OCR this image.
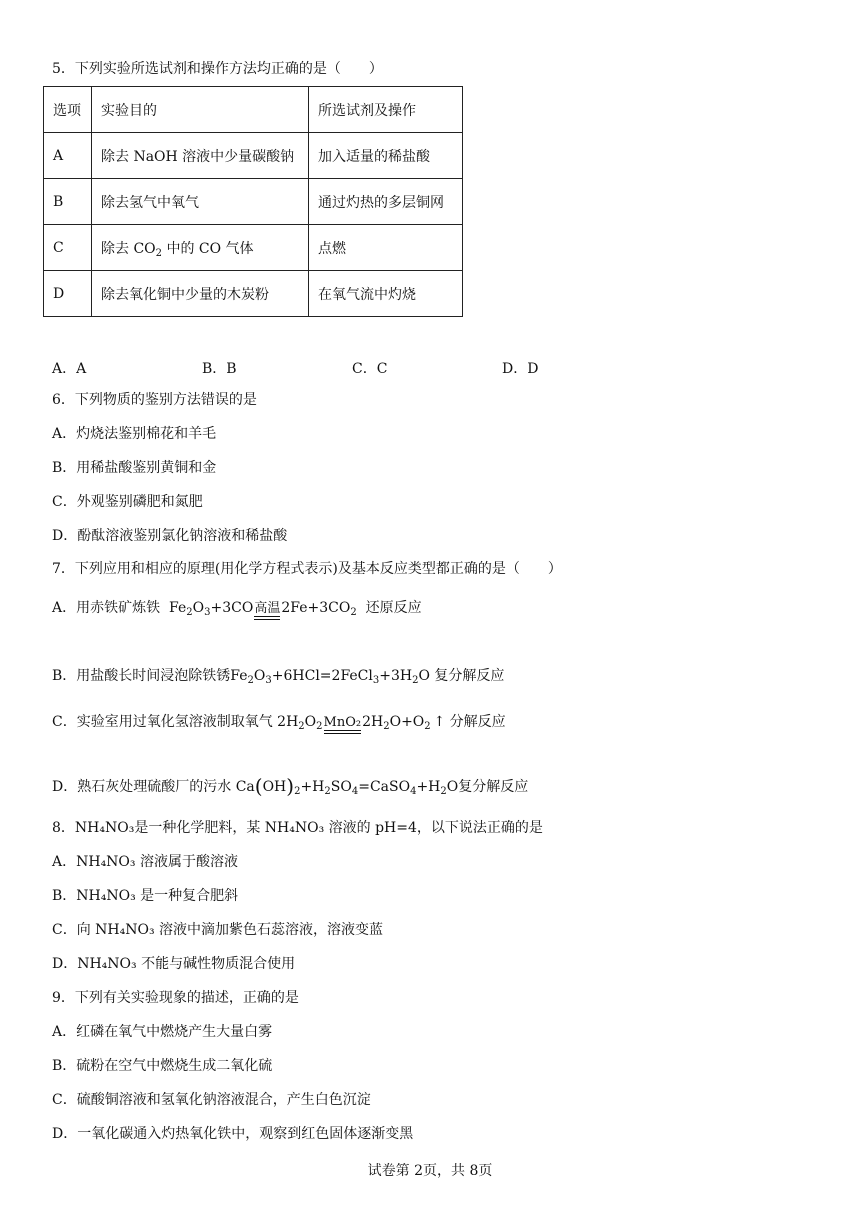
5．下列实验所选试剂和操作方法均正确的是（　　）
选项	实验目的	所选试剂及操作
A	除去 NaOH 溶液中少量碳酸钠	加入适量的稀盐酸
B	除去氢气中氧气	通过灼热的多层铜网
C	除去 $CO_2$ 中的 CO 气体	点燃
D	除去氧化铜中少量的木炭粉	在氧气流中灼烧
A．A	B．B	C．C	D．D
6．下列物质的鉴别方法错误的是
A．灼烧法鉴别棉花和羊毛
B．用稀盐酸鉴别黄铜和金
C．外观鉴别磷肥和氮肥
D．酚酞溶液鉴别氯化钠溶液和稀盐酸
7．下列应用和相应的原理(用化学方程式表示)及基本反应类型都正确的是（　　）
A．用赤铁矿炼铁 $Fe_2O_3+3CO$ 高温 $2Fe+3CO_2$ 还原反应
B．用盐酸长时间浸泡除铁锈$Fe_2O_3+6HCl=2FeCl_3+3H_2O$ 复分解反应
C．实验室用过氧化氢溶液制取氧气 $2H_2O_2$ MnO₂ $2H_2O+O_2$ ↑ 分解反应
D．熟石灰处理硫酸厂的污水 $Ca(OH)_2+H_2SO_4=CaSO_4+H_2O$复分解反应
8．NH₄NO₃是一种化学肥料，某 NH₄NO₃ 溶液的 pH=4，以下说法正确的是
A．NH₄NO₃ 溶液属于酸溶液
B．NH₄NO₃ 是一种复合肥斜
C．向 NH₄NO₃ 溶液中滴加紫色石蕊溶液，溶液变蓝
D．NH₄NO₃ 不能与碱性物质混合使用
9．下列有关实验现象的描述，正确的是
A．红磷在氧气中燃烧产生大量白雾
B．硫粉在空气中燃烧生成二氧化硫
C．硫酸铜溶液和氢氧化钠溶液混合，产生白色沉淀
D．一氧化碳通入灼热氧化铁中，观察到红色固体逐渐变黑
试卷第 2页，共 8页
